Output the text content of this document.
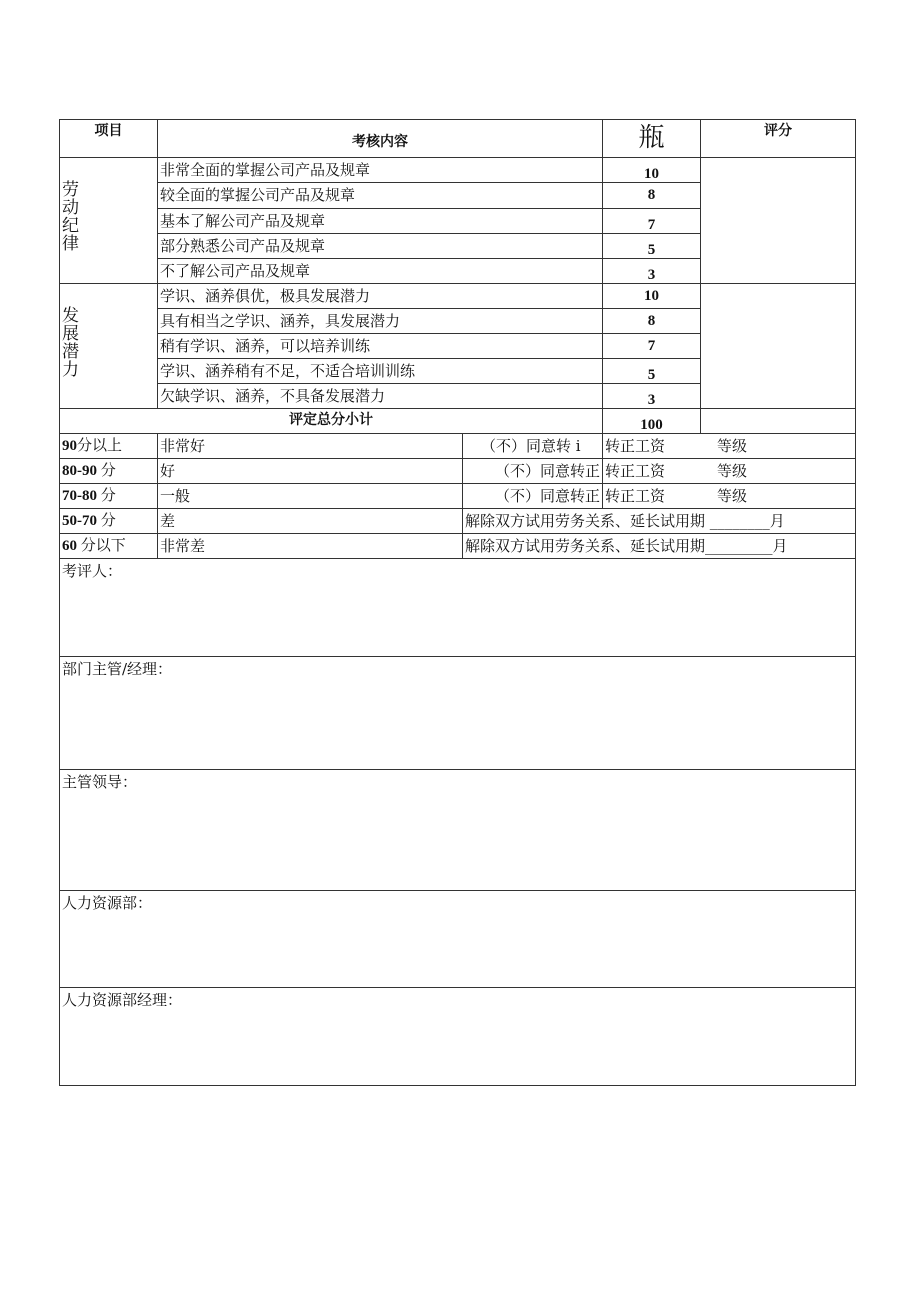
项目	考核内容		瓶	评分

劳
动
纪
律	非常全面的掌握公司产品及规章		10	
	较全面的掌握公司产品及规章		8	
	基本了解公司产品及规章		7	
	部分熟悉公司产品及规章		5	
	不了解公司产品及规章		3	

发
展
潜
力	学识、涵养俱优，极具发展潜力		10	
	具有相当之学识、涵养，具发展潜力		8	
	稍有学识、涵养，可以培养训练		7	
	学识、涵养稍有不足，不适合培训训练		5	
	欠缺学识、涵养，不具备发展潜力		3	
评定总分小计			100	
90分以上	非常好	（不）同意转 i	转正工资 等级	
80-90 分	好	（不）同意转正	转正工资 等级	
70-80 分	一般	（不）同意转正	转正工资 等级	
50-70 分	差	解除双方试用劳务关系、延长试用期 ________月		
60 分以下	非常差	解除双方试用劳务关系、延长试用期_________月		
考评人：				
部门主管/经理：				
主管领导：				
人力资源部：				
人力资源部经理：				
